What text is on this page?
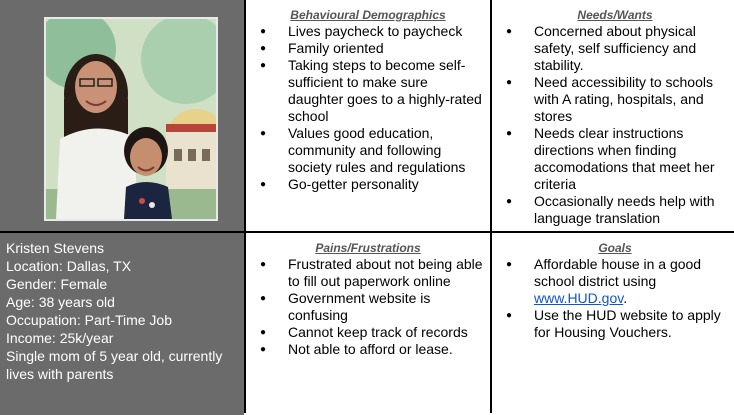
Behavioural Demographics
● Lives paycheck to paycheck
● Family oriented
● Taking steps to become self-sufficient to make sure daughter goes to a highly-rated school
● Values good education, community and following society rules and regulations
● Go-getter personality
Needs/Wants
● Concerned about physical safety, self sufficiency and stability.
● Need accessibility to schools with A rating, hospitals, and stores
● Needs clear instructions directions when finding accomodations that meet her criteria
● Occasionally needs help with language translation
Kristen Stevens
Location: Dallas, TX
Gender: Female
Age: 38 years old
Occupation: Part-Time Job
Income: 25k/year
Single mom of 5 year old, currently lives with parents
Pains/Frustrations
● Frustrated about not being able to fill out paperwork online
● Government website is confusing
● Cannot keep track of records
● Not able to afford or lease.
Goals
● Affordable house in a good school district using www.HUD.gov.
● Use the HUD website to apply for Housing Vouchers.
